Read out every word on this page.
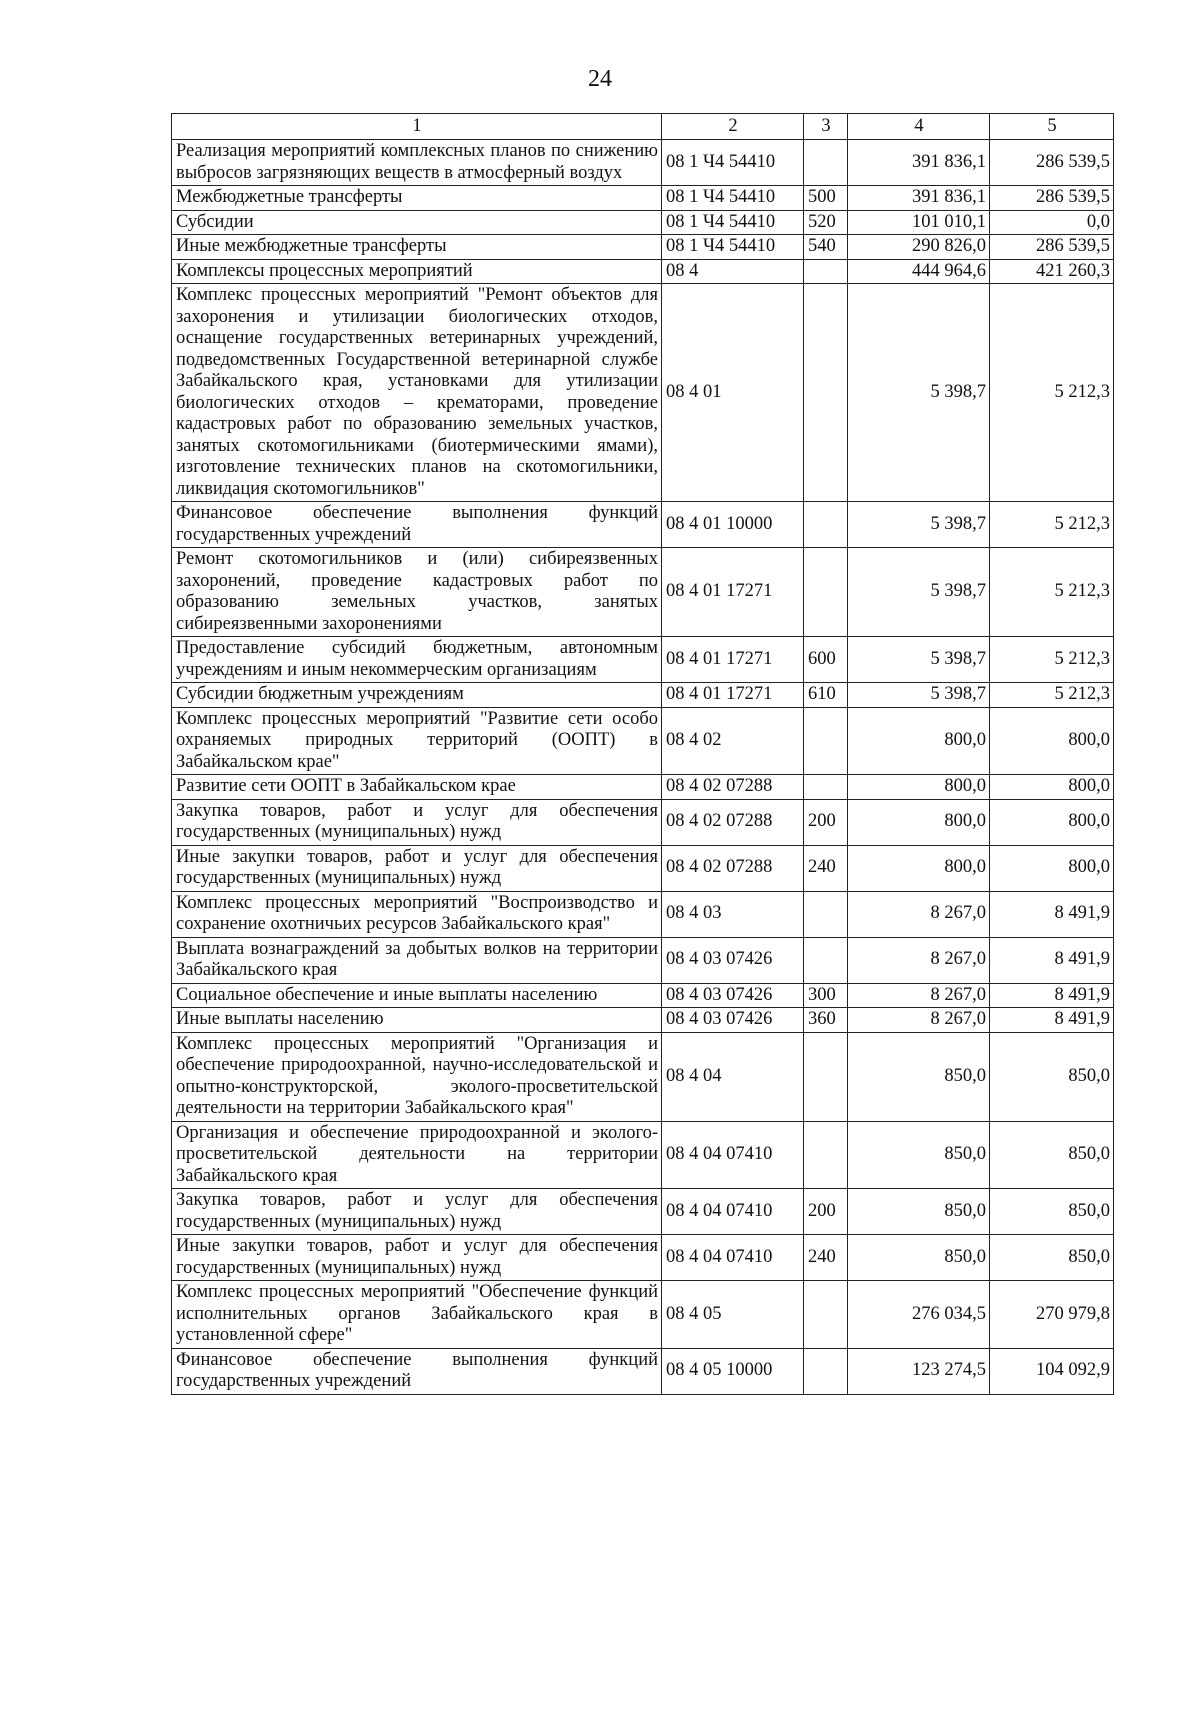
24
1	2	3	4	5
Реализация мероприятий комплексных планов по снижению выбросов загрязняющих веществ в атмосферный воздух	08 1 Ч4 54410		391 836,1	286 539,5
Межбюджетные трансферты	08 1 Ч4 54410	500	391 836,1	286 539,5
Субсидии	08 1 Ч4 54410	520	101 010,1	0,0
Иные межбюджетные трансферты	08 1 Ч4 54410	540	290 826,0	286 539,5
Комплексы процессных мероприятий	08 4		444 964,6	421 260,3
Комплекс процессных мероприятий "Ремонт объектов для захоронения и утилизации биологических отходов, оснащение государственных ветеринарных учреждений, подведомственных Государственной ветеринарной службе Забайкальского края, установками для утилизации биологических отходов – крематорами, проведение кадастровых работ по образованию земельных участков, занятых скотомогильниками (биотермическими ямами), изготовление технических планов на скотомогильники, ликвидация скотомогильников"	08 4 01		5 398,7	5 212,3
Финансовое обеспечение выполнения функций государственных учреждений	08 4 01 10000		5 398,7	5 212,3
Ремонт скотомогильников и (или) сибиреязвенных захоронений, проведение кадастровых работ по образованию земельных участков, занятых сибиреязвенными захоронениями	08 4 01 17271		5 398,7	5 212,3
Предоставление субсидий бюджетным, автономным учреждениям и иным некоммерческим организациям	08 4 01 17271	600	5 398,7	5 212,3
Субсидии бюджетным учреждениям	08 4 01 17271	610	5 398,7	5 212,3
Комплекс процессных мероприятий "Развитие сети особо охраняемых природных территорий (ООПТ) в Забайкальском крае"	08 4 02		800,0	800,0
Развитие сети ООПТ в Забайкальском крае	08 4 02 07288		800,0	800,0
Закупка товаров, работ и услуг для обеспечения государственных (муниципальных) нужд	08 4 02 07288	200	800,0	800,0
Иные закупки товаров, работ и услуг для обеспечения государственных (муниципальных) нужд	08 4 02 07288	240	800,0	800,0
Комплекс процессных мероприятий "Воспроизводство и сохранение охотничьих ресурсов Забайкальского края"	08 4 03		8 267,0	8 491,9
Выплата вознаграждений за добытых волков на территории Забайкальского края	08 4 03 07426		8 267,0	8 491,9
Социальное обеспечение и иные выплаты населению	08 4 03 07426	300	8 267,0	8 491,9
Иные выплаты населению	08 4 03 07426	360	8 267,0	8 491,9
Комплекс процессных мероприятий "Организация и обеспечение природоохранной, научно-исследовательской и опытно-конструкторской, эколого-просветительской деятельности на территории Забайкальского края"	08 4 04		850,0	850,0
Организация и обеспечение природоохранной и эколого-просветительской деятельности на территории Забайкальского края	08 4 04 07410		850,0	850,0
Закупка товаров, работ и услуг для обеспечения государственных (муниципальных) нужд	08 4 04 07410	200	850,0	850,0
Иные закупки товаров, работ и услуг для обеспечения государственных (муниципальных) нужд	08 4 04 07410	240	850,0	850,0
Комплекс процессных мероприятий "Обеспечение функций исполнительных органов Забайкальского края в установленной сфере"	08 4 05		276 034,5	270 979,8
Финансовое обеспечение выполнения функций государственных учреждений	08 4 05 10000		123 274,5	104 092,9
